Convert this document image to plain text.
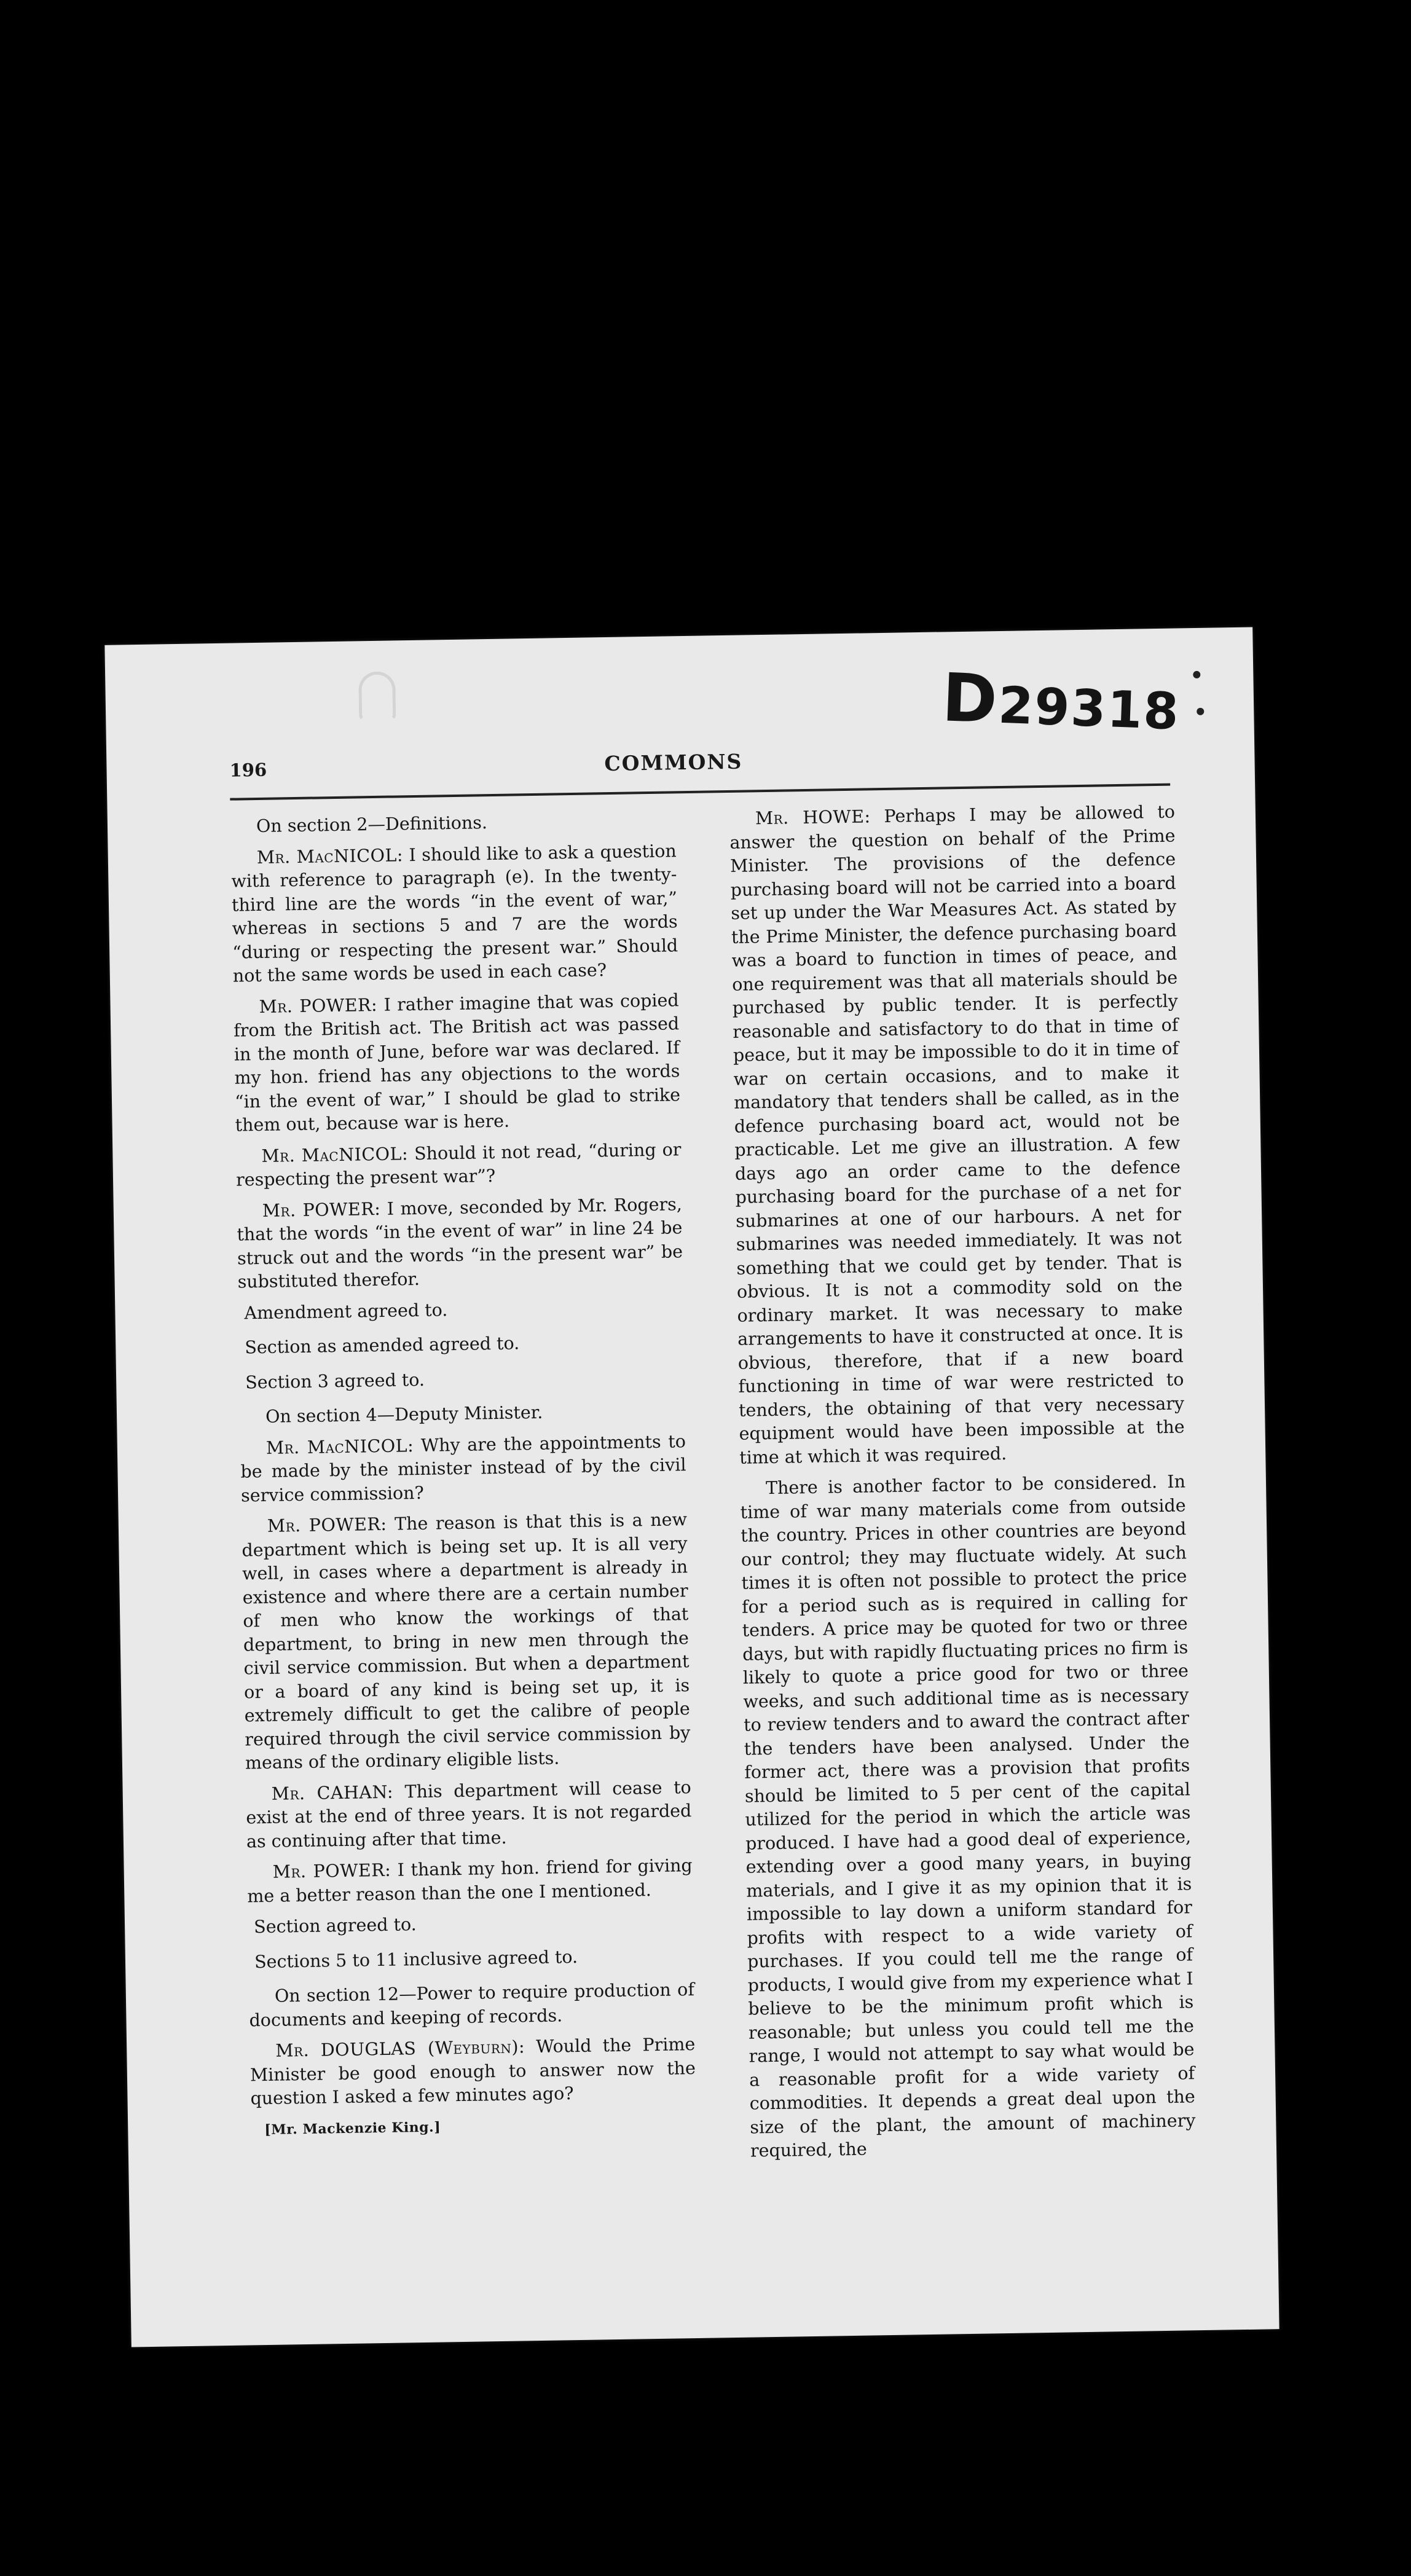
D29318
196	COMMONS

On section 2—Definitions.

Mr. MacNICOL: I should like to ask a question with reference to paragraph (e). In the twenty-third line are the words “in the event of war,” whereas in sections 5 and 7 are the words “during or respecting the present war.” Should not the same words be used in each case?

Mr. POWER: I rather imagine that was copied from the British act. The British act was passed in the month of June, before war was declared. If my hon. friend has any objections to the words “in the event of war,” I should be glad to strike them out, because war is here.

Mr. MacNICOL: Should it not read, “during or respecting the present war”?

Mr. POWER: I move, seconded by Mr. Rogers, that the words “in the event of war” in line 24 be struck out and the words “in the present war” be substituted therefor.

Amendment agreed to.

Section as amended agreed to.

Section 3 agreed to.

On section 4—Deputy Minister.

Mr. MacNICOL: Why are the appointments to be made by the minister instead of by the civil service commission?

Mr. POWER: The reason is that this is a new department which is being set up. It is all very well, in cases where a department is already in existence and where there are a certain number of men who know the workings of that department, to bring in new men through the civil service commission. But when a department or a board of any kind is being set up, it is extremely difficult to get the calibre of people required through the civil service commission by means of the ordinary eligible lists.

Mr. CAHAN: This department will cease to exist at the end of three years. It is not regarded as continuing after that time.

Mr. POWER: I thank my hon. friend for giving me a better reason than the one I mentioned.

Section agreed to.

Sections 5 to 11 inclusive agreed to.

On section 12—Power to require production of documents and keeping of records.

Mr. DOUGLAS (Weyburn): Would the Prime Minister be good enough to answer now the question I asked a few minutes ago?

[Mr. Mackenzie King.]

Mr. HOWE: Perhaps I may be allowed to answer the question on behalf of the Prime Minister. The provisions of the defence purchasing board will not be carried into a board set up under the War Measures Act. As stated by the Prime Minister, the defence purchasing board was a board to function in times of peace, and one requirement was that all materials should be purchased by public tender. It is perfectly reasonable and satisfactory to do that in time of peace, but it may be impossible to do it in time of war on certain occasions, and to make it mandatory that tenders shall be called, as in the defence purchasing board act, would not be practicable. Let me give an illustration. A few days ago an order came to the defence purchasing board for the purchase of a net for submarines at one of our harbours. A net for submarines was needed immediately. It was not something that we could get by tender. That is obvious. It is not a commodity sold on the ordinary market. It was necessary to make arrangements to have it constructed at once. It is obvious, therefore, that if a new board functioning in time of war were restricted to tenders, the obtaining of that very necessary equipment would have been impossible at the time at which it was required.

There is another factor to be considered. In time of war many materials come from outside the country. Prices in other countries are beyond our control; they may fluctuate widely. At such times it is often not possible to protect the price for a period such as is required in calling for tenders. A price may be quoted for two or three days, but with rapidly fluctuating prices no firm is likely to quote a price good for two or three weeks, and such additional time as is necessary to review tenders and to award the contract after the tenders have been analysed. Under the former act, there was a provision that profits should be limited to 5 per cent of the capital utilized for the period in which the article was produced. I have had a good deal of experience, extending over a good many years, in buying materials, and I give it as my opinion that it is impossible to lay down a uniform standard for profits with respect to a wide variety of purchases. If you could tell me the range of products, I would give from my experience what I believe to be the minimum profit which is reasonable; but unless you could tell me the range, I would not attempt to say what would be a reasonable profit for a wide variety of commodities. It depends a great deal upon the size of the plant, the amount of machinery required, the
